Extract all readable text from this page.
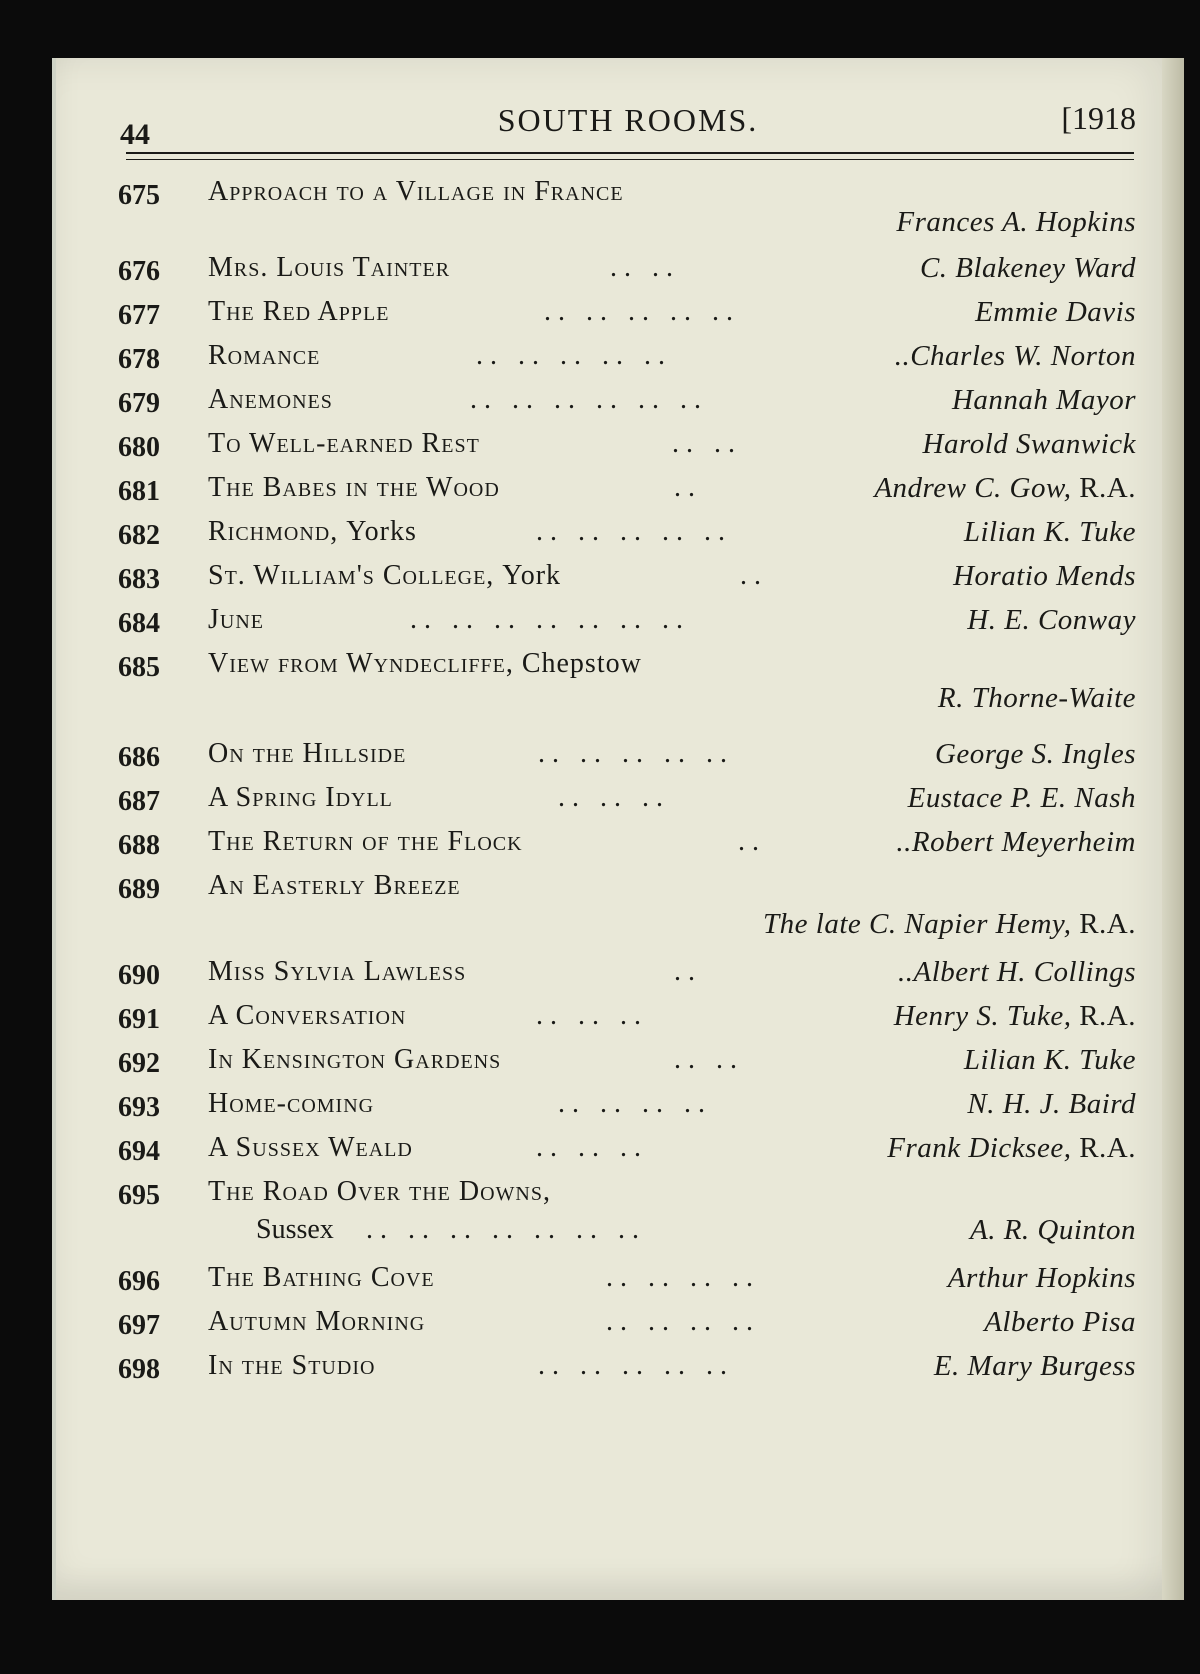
44	SOUTH ROOMS.	[1918
675 Approach to a Village in France
Frances A. Hopkins
676 Mrs. Louis Tainter	.. ..	C. Blakeney Ward
677 The Red Apple	.. .. .. .. ..	Emmie Davis
678 Romance	.. .. .. .. ..	..Charles W. Norton
679 Anemones	.. .. .. .. .. ..	Hannah Mayor
680 To Well-earned Rest	.. ..	Harold Swanwick
681 The Babes in the Wood	..	Andrew C. Gow, R.A.
682 Richmond, Yorks	.. .. .. .. ..	Lilian K. Tuke
683 St. William's College, York	..	Horatio Mends
684 June	.. .. .. .. .. .. ..	H. E. Conway
685 View from Wyndecliffe, Chepstow
R. Thorne-Waite
686 On the Hillside	.. .. .. .. ..	George S. Ingles
687 A Spring Idyll	.. .. ..	Eustace P. E. Nash
688 The Return of the Flock	..	..Robert Meyerheim
689 An Easterly Breeze
The late C. Napier Hemy, R.A.
690 Miss Sylvia Lawless	..	..Albert H. Collings
691 A Conversation	.. .. ..	Henry S. Tuke, R.A.
692 In Kensington Gardens	.. ..	Lilian K. Tuke
693 Home-coming	.. .. .. ..	N. H. J. Baird
694 A Sussex Weald	.. .. ..	Frank Dicksee, R.A.
695 The Road Over the Downs,
Sussex .. .. .. .. .. .. ..	A. R. Quinton
696 The Bathing Cove	.. .. .. ..	Arthur Hopkins
697 Autumn Morning	.. .. .. ..	Alberto Pisa
698 In the Studio	.. .. .. .. ..	E. Mary Burgess
